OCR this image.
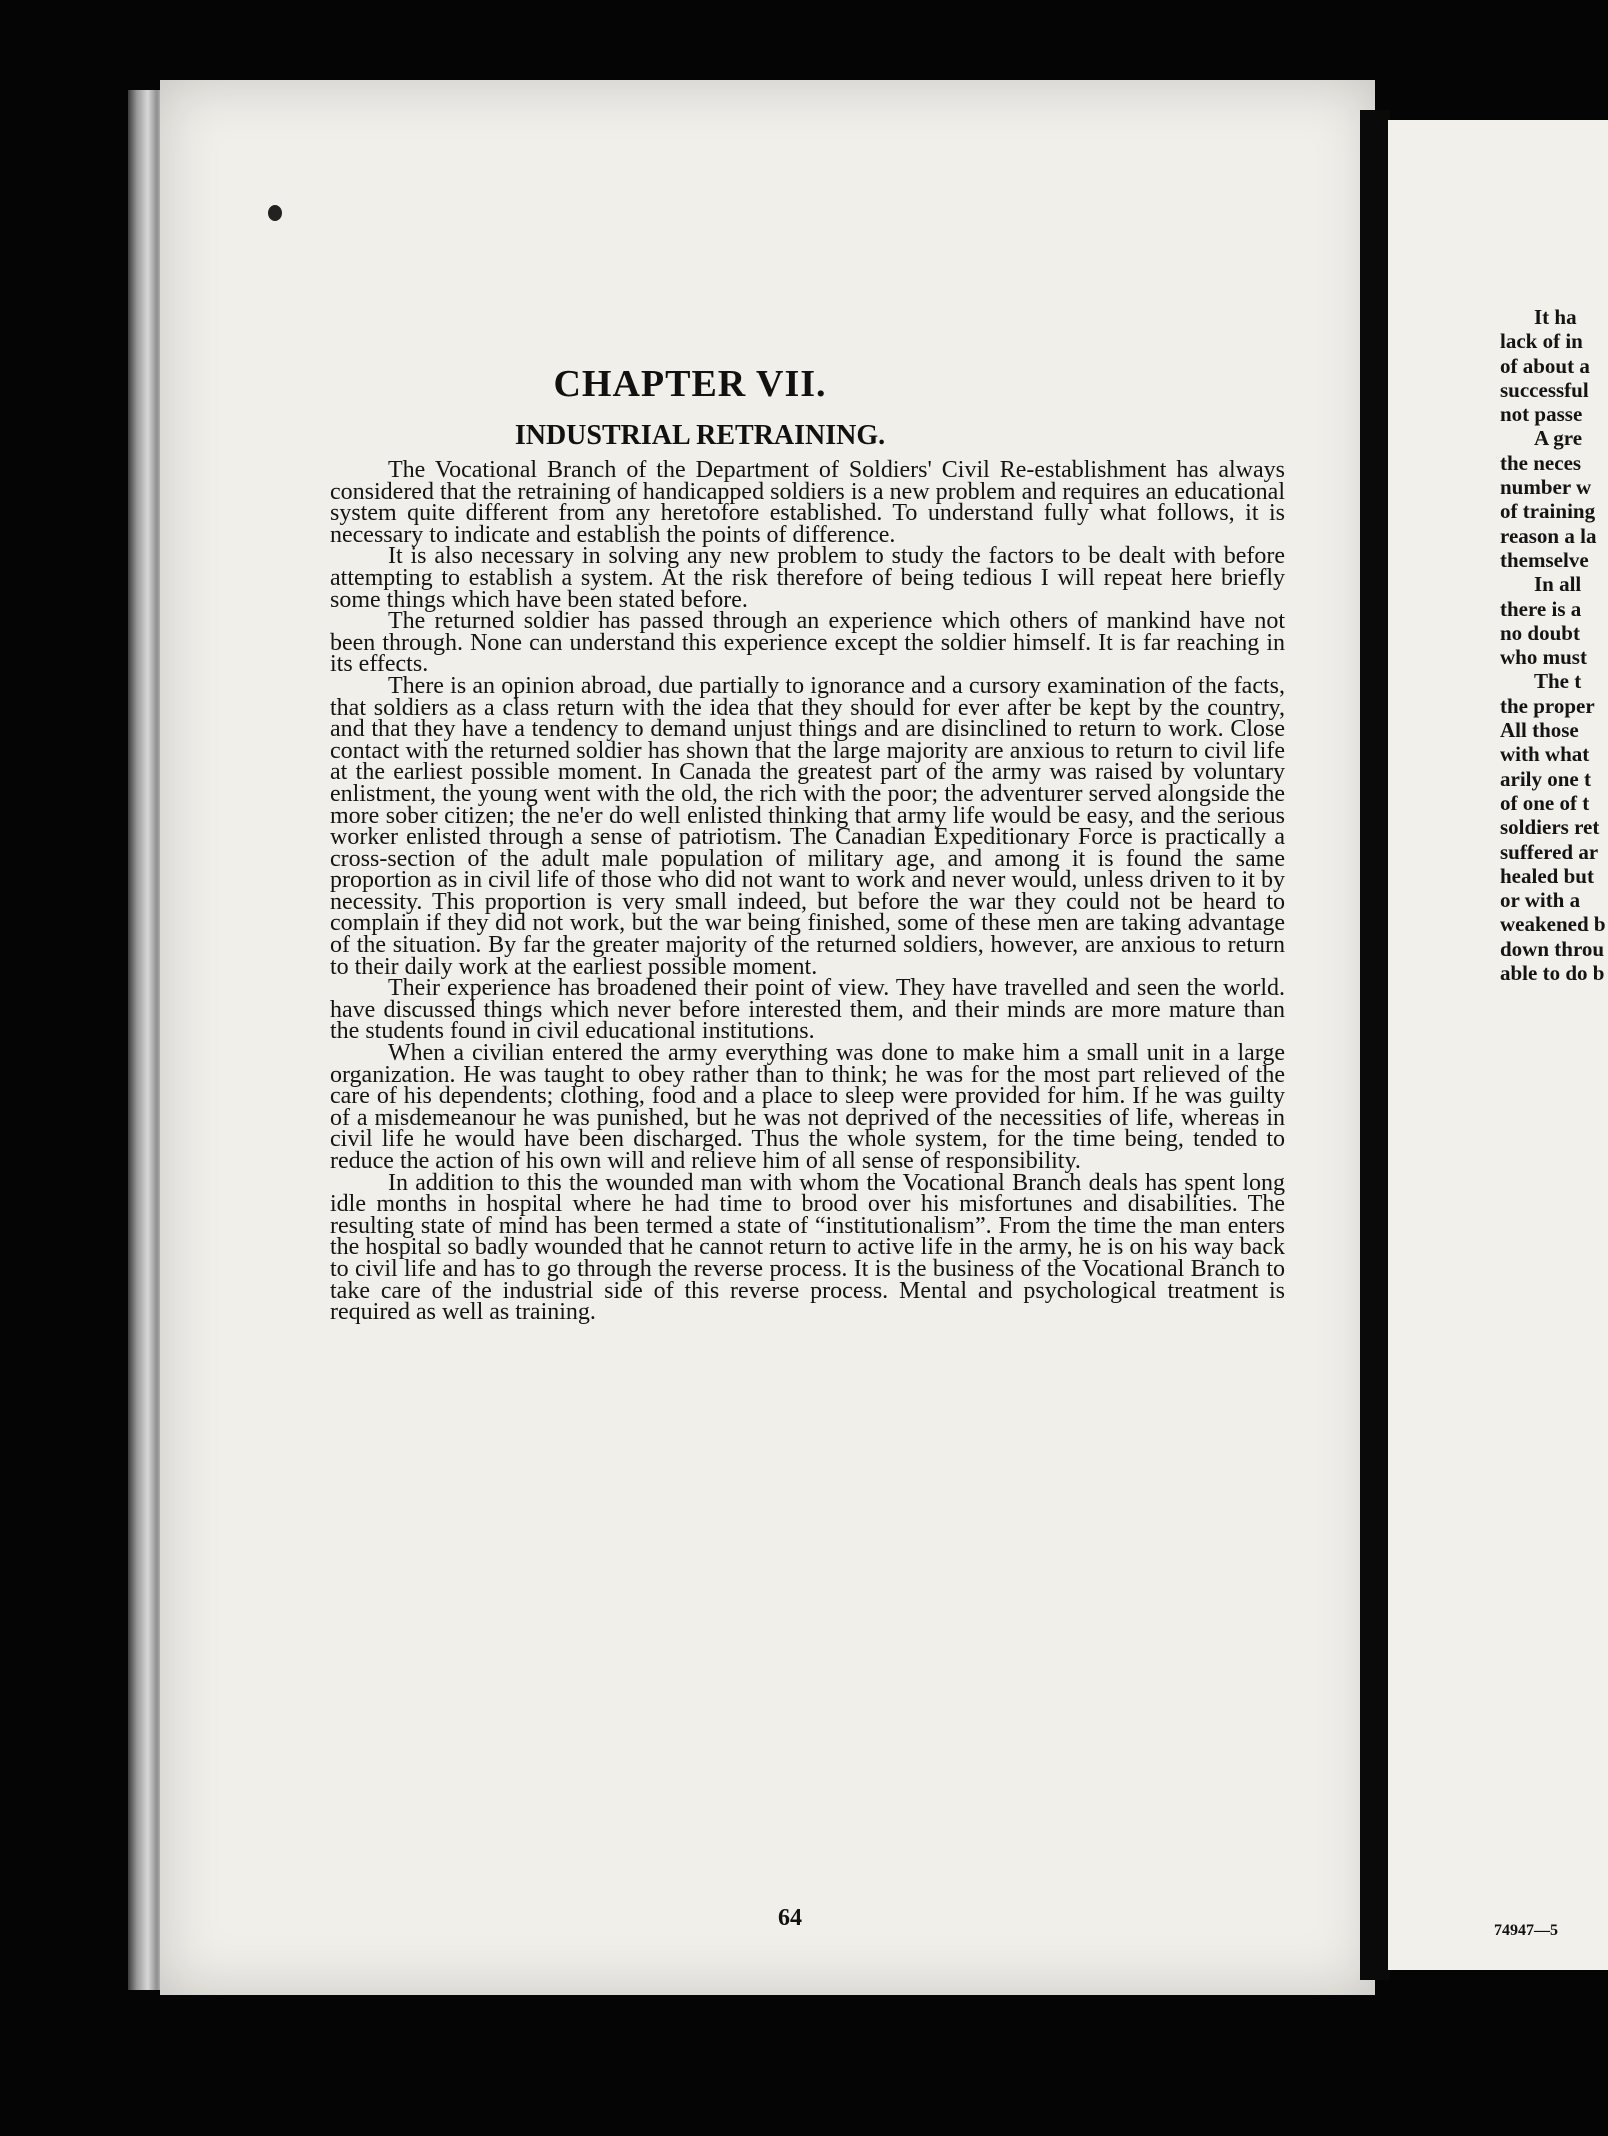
CHAPTER VII.
INDUSTRIAL RETRAINING.

The Vocational Branch of the Department of Soldiers' Civil Re-establishment has always considered that the retraining of handicapped soldiers is a new problem and requires an educational system quite different from any heretofore established. To understand fully what follows, it is necessary to indicate and establish the points of difference.

It is also necessary in solving any new problem to study the factors to be dealt with before attempting to establish a system. At the risk therefore of being tedious I will repeat here briefly some things which have been stated before.

The returned soldier has passed through an experience which others of mankind have not been through. None can understand this experience except the soldier himself. It is far reaching in its effects.

There is an opinion abroad, due partially to ignorance and a cursory examination of the facts, that soldiers as a class return with the idea that they should for ever after be kept by the country, and that they have a tendency to demand unjust things and are disinclined to return to work. Close contact with the returned soldier has shown that the large majority are anxious to return to civil life at the earliest possible moment. In Canada the greatest part of the army was raised by voluntary enlistment, the young went with the old, the rich with the poor; the adventurer served alongside the more sober citizen; the ne'er do well enlisted thinking that army life would be easy, and the serious worker enlisted through a sense of patriotism. The Canadian Expeditionary Force is practically a cross-section of the adult male population of military age, and among it is found the same proportion as in civil life of those who did not want to work and never would, unless driven to it by necessity. This proportion is very small indeed, but before the war they could not be heard to complain if they did not work, but the war being finished, some of these men are taking advantage of the situation. By far the greater majority of the returned soldiers, however, are anxious to return to their daily work at the earliest possible moment.

Their experience has broadened their point of view. They have travelled and seen the world. have discussed things which never before interested them, and their minds are more mature than the students found in civil educational institutions.

When a civilian entered the army everything was done to make him a small unit in a large organization. He was taught to obey rather than to think; he was for the most part relieved of the care of his dependents; clothing, food and a place to sleep were provided for him. If he was guilty of a misdemeanour he was punished, but he was not deprived of the necessities of life, whereas in civil life he would have been discharged. Thus the whole system, for the time being, tended to reduce the action of his own will and relieve him of all sense of responsibility.

In addition to this the wounded man with whom the Vocational Branch deals has spent long idle months in hospital where he had time to brood over his misfortunes and disabilities. The resulting state of mind has been termed a state of “institutionalism”. From the time the man enters the hospital so badly wounded that he cannot return to active life in the army, he is on his way back to civil life and has to go through the reverse process. It is the business of the Vocational Branch to take care of the industrial side of this reverse process. Mental and psychological treatment is required as well as training.

64
It ha
lack of in
of about a
successful
not passe
A gre
the neces
number w
of training
reason a la
themselve
In all
there is a
no doubt
who must
The t
the proper
All those
with what
arily one t
of one of t
soldiers ret
suffered ar
healed but
or with a
weakened b
down throu
able to do b
74947—5
